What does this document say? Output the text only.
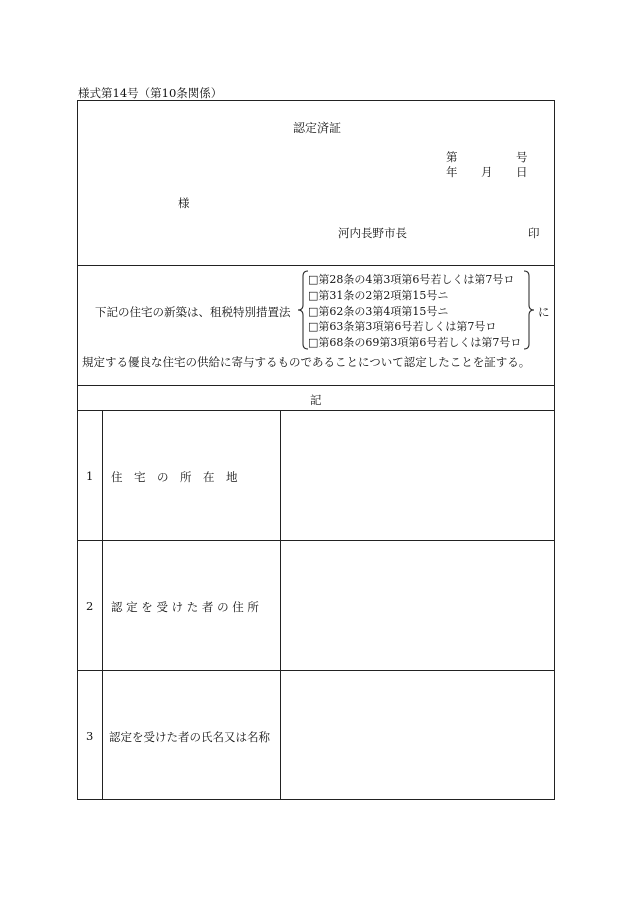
様式第14号（第10条関係）
認定済証
第	号
年 月 日
様
河内長野市長	印
下記の住宅の新築は、租税特別措置法
□第28条の4第3項第6号若しくは第7号ロ
□第31条の2第2項第15号ニ
□第62条の3第4項第15号ニ
□第63条第3項第6号若しくは第7号ロ
□第68条の69第3項第6号若しくは第7号ロ
に
規定する優良な住宅の供給に寄与するものであることについて認定したことを証する。
記
1 住　宅　の　所　在　地
2 認 定 を 受 け た 者 の 住 所
3 認定を受けた者の氏名又は名称
